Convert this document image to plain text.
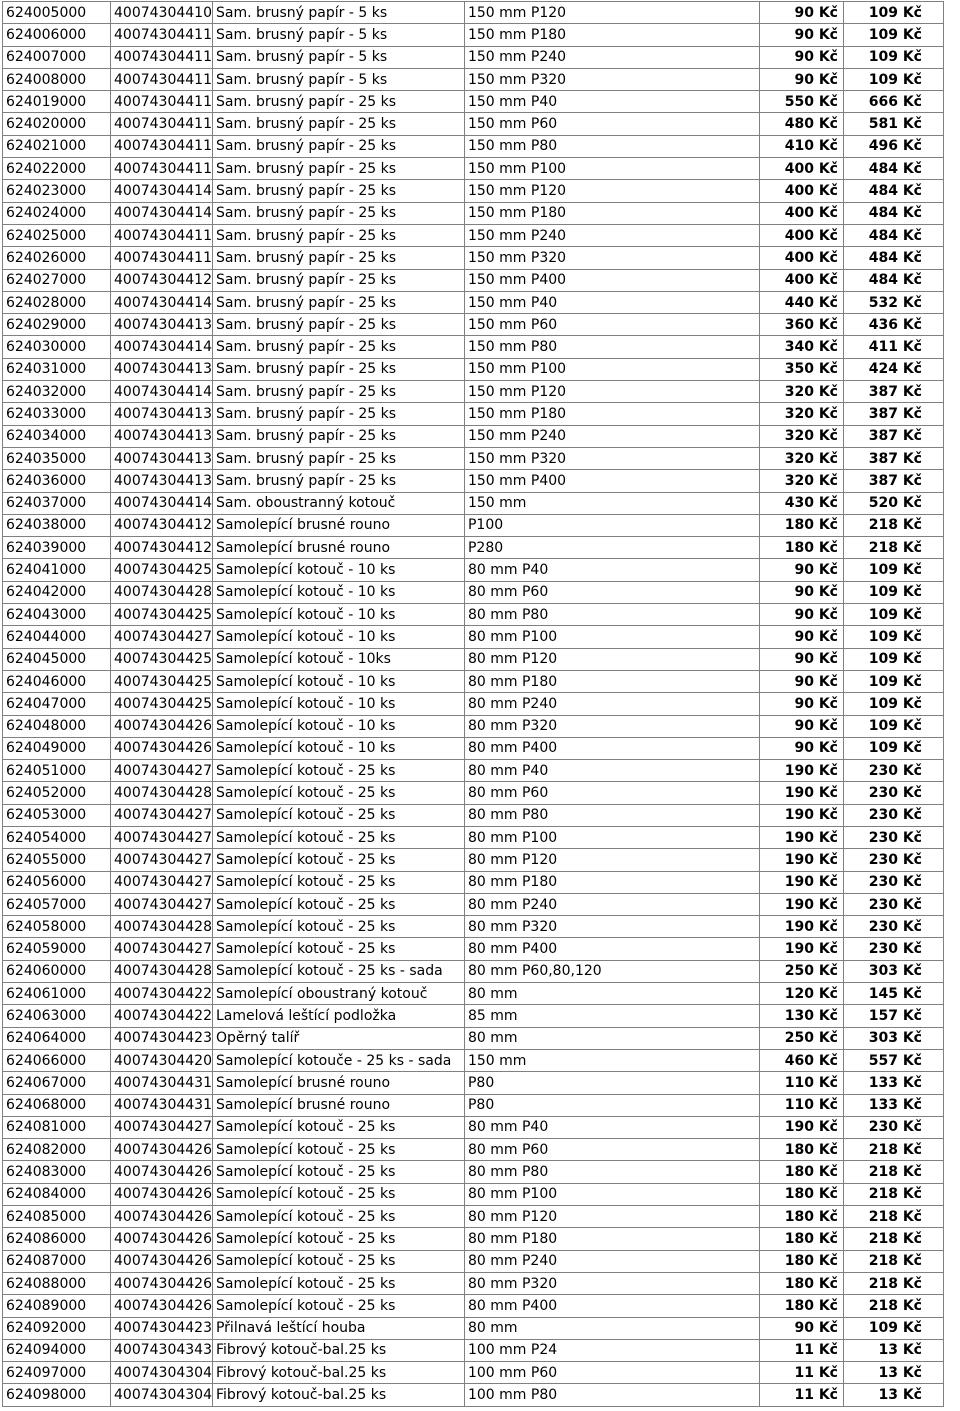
624005000	40074304410	Sam. brusný papír - 5 ks	150 mm P120	90 Kč	109 Kč
624006000	40074304411	Sam. brusný papír - 5 ks	150 mm P180	90 Kč	109 Kč
624007000	40074304411	Sam. brusný papír - 5 ks	150 mm P240	90 Kč	109 Kč
624008000	40074304411	Sam. brusný papír - 5 ks	150 mm P320	90 Kč	109 Kč
624019000	40074304411	Sam. brusný papír - 25 ks	150 mm P40	550 Kč	666 Kč
624020000	40074304411	Sam. brusný papír - 25 ks	150 mm P60	480 Kč	581 Kč
624021000	40074304411	Sam. brusný papír - 25 ks	150 mm P80	410 Kč	496 Kč
624022000	40074304411	Sam. brusný papír - 25 ks	150 mm P100	400 Kč	484 Kč
624023000	40074304414	Sam. brusný papír - 25 ks	150 mm P120	400 Kč	484 Kč
624024000	40074304414	Sam. brusný papír - 25 ks	150 mm P180	400 Kč	484 Kč
624025000	40074304411	Sam. brusný papír - 25 ks	150 mm P240	400 Kč	484 Kč
624026000	40074304411	Sam. brusný papír - 25 ks	150 mm P320	400 Kč	484 Kč
624027000	40074304412	Sam. brusný papír - 25 ks	150 mm P400	400 Kč	484 Kč
624028000	40074304414	Sam. brusný papír - 25 ks	150 mm P40	440 Kč	532 Kč
624029000	40074304413	Sam. brusný papír - 25 ks	150 mm P60	360 Kč	436 Kč
624030000	40074304414	Sam. brusný papír - 25 ks	150 mm P80	340 Kč	411 Kč
624031000	40074304413	Sam. brusný papír - 25 ks	150 mm P100	350 Kč	424 Kč
624032000	40074304414	Sam. brusný papír - 25 ks	150 mm P120	320 Kč	387 Kč
624033000	40074304413	Sam. brusný papír - 25 ks	150 mm P180	320 Kč	387 Kč
624034000	40074304413	Sam. brusný papír - 25 ks	150 mm P240	320 Kč	387 Kč
624035000	40074304413	Sam. brusný papír - 25 ks	150 mm P320	320 Kč	387 Kč
624036000	40074304413	Sam. brusný papír - 25 ks	150 mm P400	320 Kč	387 Kč
624037000	40074304414	Sam. oboustranný kotouč	150 mm	430 Kč	520 Kč
624038000	40074304412	Samolepící brusné rouno	P100	180 Kč	218 Kč
624039000	40074304412	Samolepící brusné rouno	P280	180 Kč	218 Kč
624041000	40074304425	Samolepící kotouč - 10 ks	80 mm P40	90 Kč	109 Kč
624042000	40074304428	Samolepící kotouč - 10 ks	80 mm P60	90 Kč	109 Kč
624043000	40074304425	Samolepící kotouč - 10 ks	80 mm P80	90 Kč	109 Kč
624044000	40074304427	Samolepící kotouč - 10 ks	80 mm P100	90 Kč	109 Kč
624045000	40074304425	Samolepící kotouč - 10ks	80 mm P120	90 Kč	109 Kč
624046000	40074304425	Samolepící kotouč - 10 ks	80 mm P180	90 Kč	109 Kč
624047000	40074304425	Samolepící kotouč - 10 ks	80 mm P240	90 Kč	109 Kč
624048000	40074304426	Samolepící kotouč - 10 ks	80 mm P320	90 Kč	109 Kč
624049000	40074304426	Samolepící kotouč - 10 ks	80 mm P400	90 Kč	109 Kč
624051000	40074304427	Samolepící kotouč - 25 ks	80 mm P40	190 Kč	230 Kč
624052000	40074304428	Samolepící kotouč - 25 ks	80 mm P60	190 Kč	230 Kč
624053000	40074304427	Samolepící kotouč - 25 ks	80 mm P80	190 Kč	230 Kč
624054000	40074304427	Samolepící kotouč - 25 ks	80 mm P100	190 Kč	230 Kč
624055000	40074304427	Samolepící kotouč - 25 ks	80 mm P120	190 Kč	230 Kč
624056000	40074304427	Samolepící kotouč - 25 ks	80 mm P180	190 Kč	230 Kč
624057000	40074304427	Samolepící kotouč - 25 ks	80 mm P240	190 Kč	230 Kč
624058000	40074304428	Samolepící kotouč - 25 ks	80 mm P320	190 Kč	230 Kč
624059000	40074304427	Samolepící kotouč - 25 ks	80 mm P400	190 Kč	230 Kč
624060000	40074304428	Samolepící kotouč - 25 ks - sada	80 mm P60,80,120	250 Kč	303 Kč
624061000	40074304422	Samolepící oboustraný kotouč	80 mm	120 Kč	145 Kč
624063000	40074304422	Lamelová leštící podložka	85 mm	130 Kč	157 Kč
624064000	40074304423	Opěrný talíř	80 mm	250 Kč	303 Kč
624066000	40074304420	Samolepící kotouče - 25 ks - sada	150 mm	460 Kč	557 Kč
624067000	40074304431	Samolepící brusné rouno	P80	110 Kč	133 Kč
624068000	40074304431	Samolepící brusné rouno	P80	110 Kč	133 Kč
624081000	40074304427	Samolepící kotouč - 25 ks	80 mm P40	190 Kč	230 Kč
624082000	40074304426	Samolepící kotouč - 25 ks	80 mm P60	180 Kč	218 Kč
624083000	40074304426	Samolepící kotouč - 25 ks	80 mm P80	180 Kč	218 Kč
624084000	40074304426	Samolepící kotouč - 25 ks	80 mm P100	180 Kč	218 Kč
624085000	40074304426	Samolepící kotouč - 25 ks	80 mm P120	180 Kč	218 Kč
624086000	40074304426	Samolepící kotouč - 25 ks	80 mm P180	180 Kč	218 Kč
624087000	40074304426	Samolepící kotouč - 25 ks	80 mm P240	180 Kč	218 Kč
624088000	40074304426	Samolepící kotouč - 25 ks	80 mm P320	180 Kč	218 Kč
624089000	40074304426	Samolepící kotouč - 25 ks	80 mm P400	180 Kč	218 Kč
624092000	40074304423	Přilnavá leštící houba	80 mm	90 Kč	109 Kč
624094000	40074304343	Fibrový kotouč-bal.25 ks	100 mm P24	11 Kč	13 Kč
624097000	40074304304	Fibrový kotouč-bal.25 ks	100 mm P60	11 Kč	13 Kč
624098000	40074304304	Fibrový kotouč-bal.25 ks	100 mm P80	11 Kč	13 Kč
